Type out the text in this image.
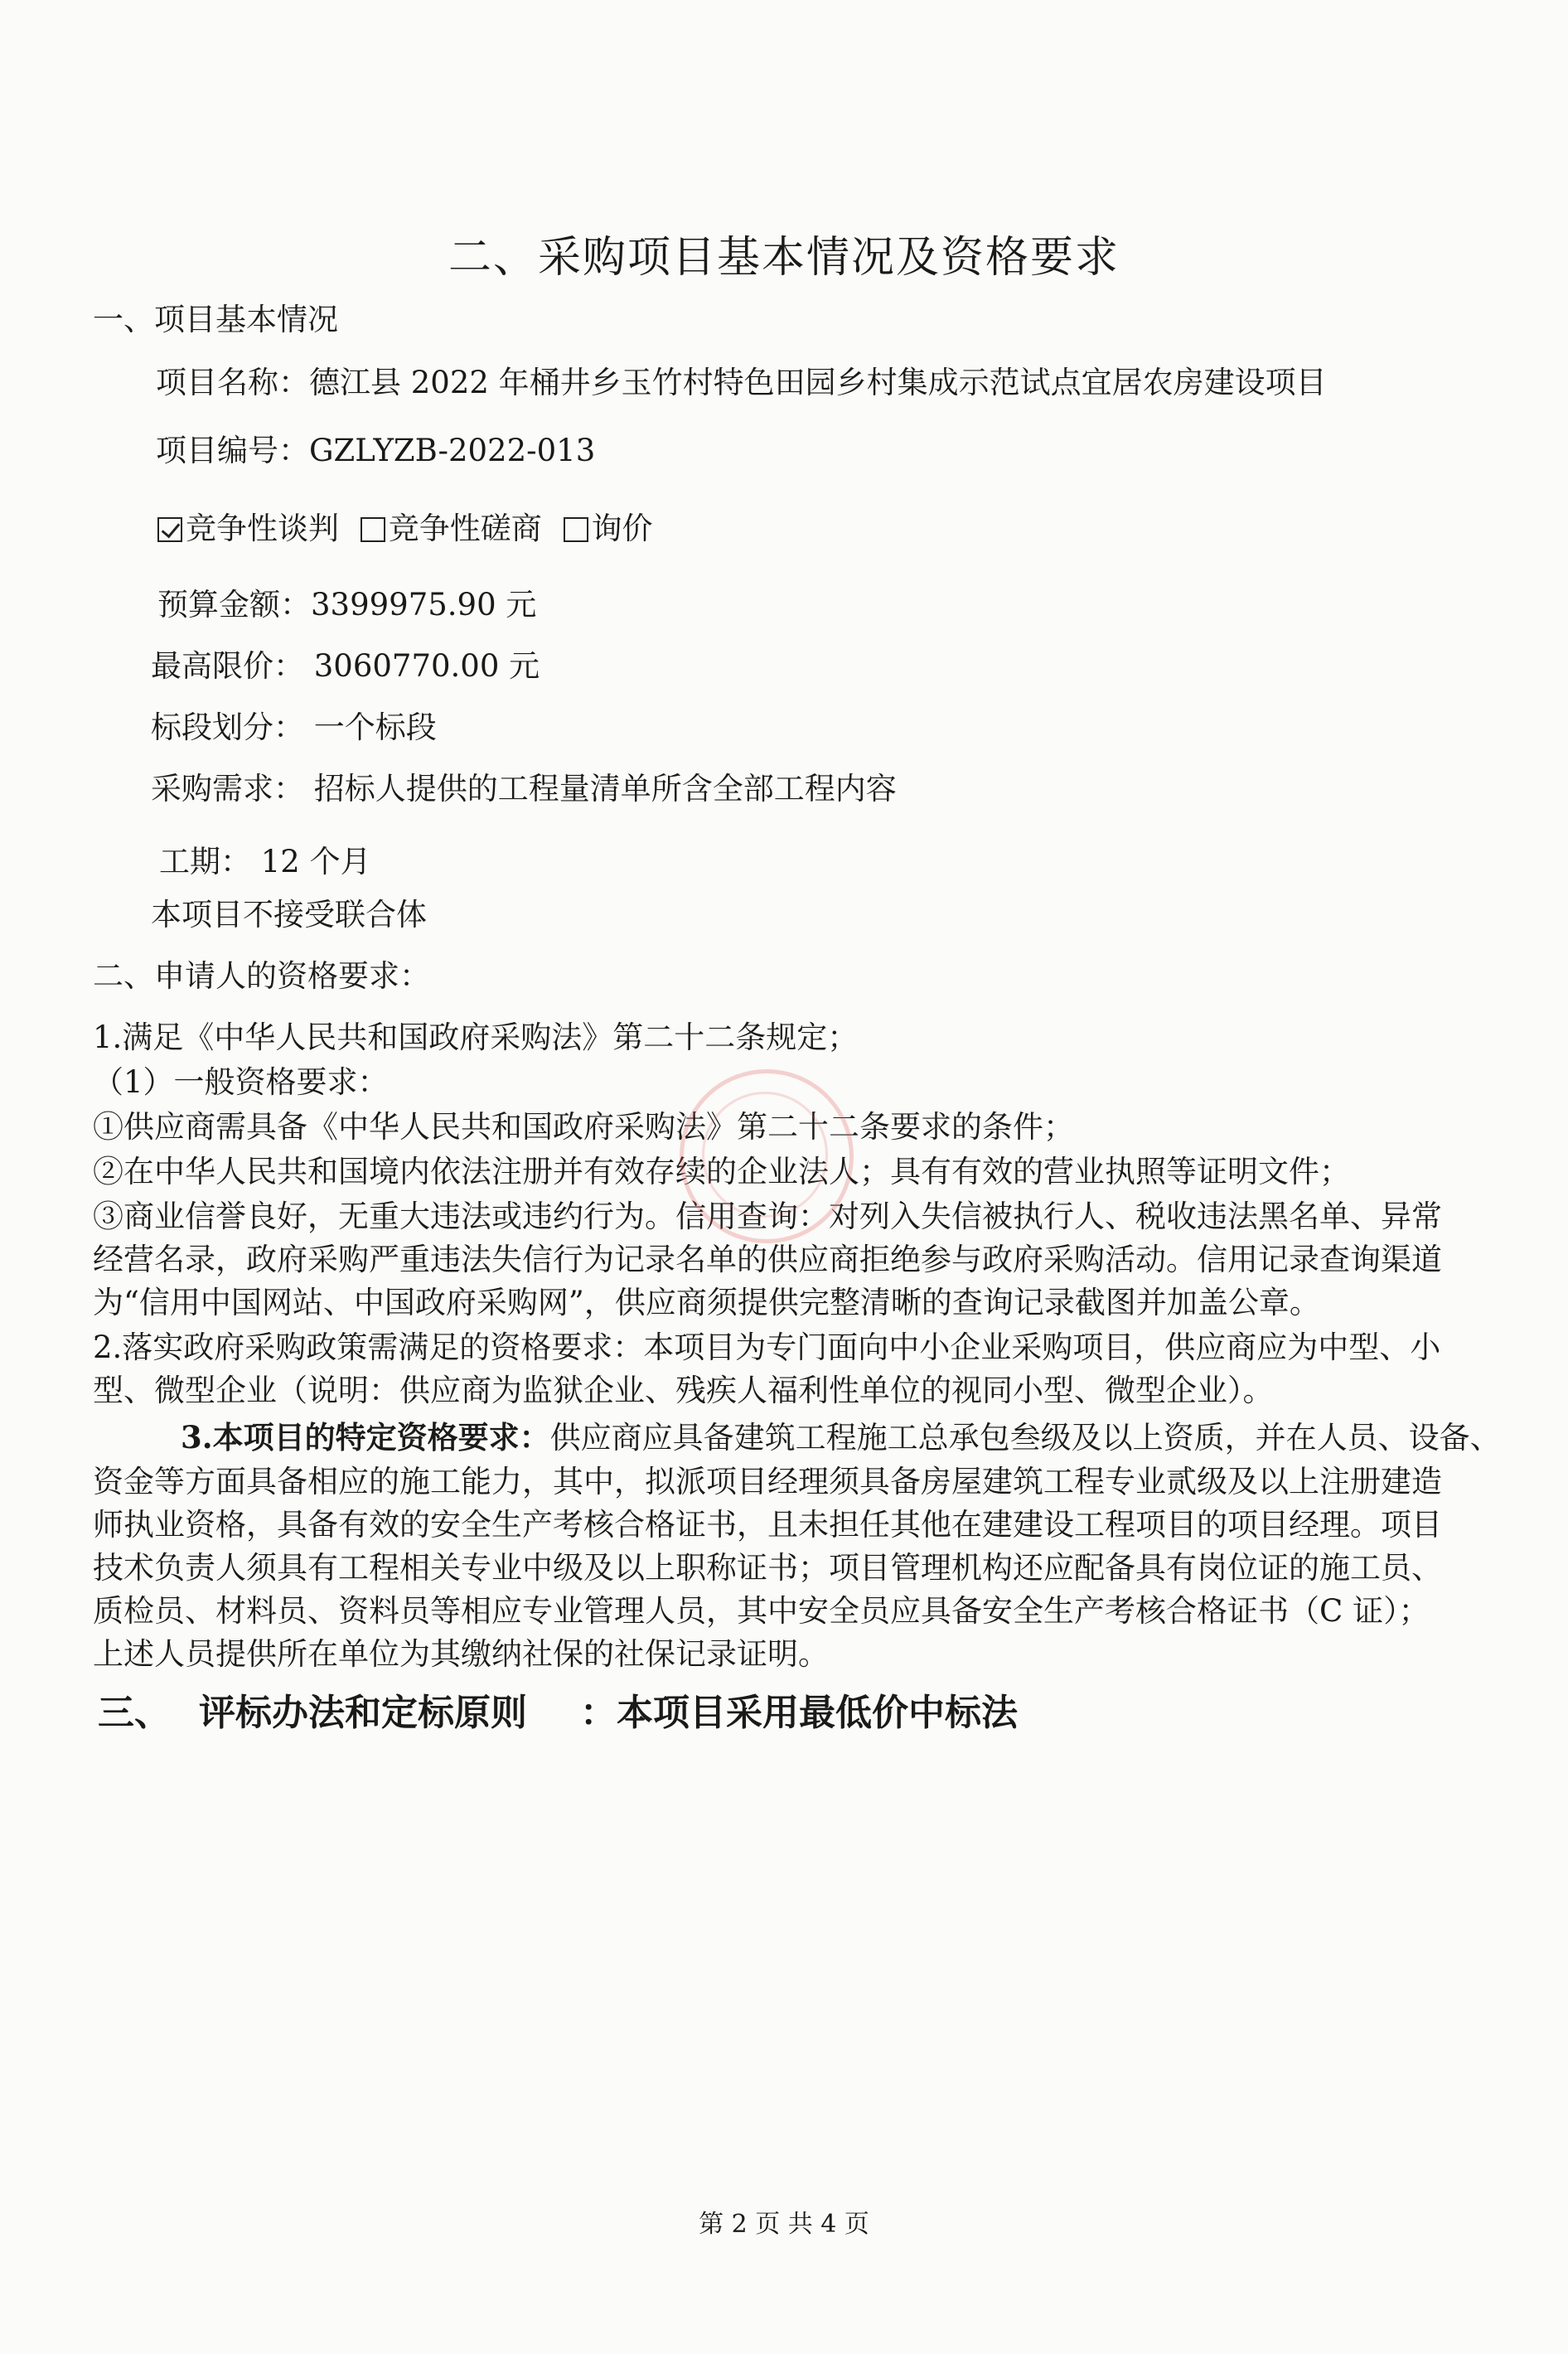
二、采购项目基本情况及资格要求
一、项目基本情况
项目名称：德江县 2022 年桶井乡玉竹村特色田园乡村集成示范试点宜居农房建设项目
项目编号：GZLYZB-2022-013
竞争性谈判 竞争性磋商 询价
预算金额：3399975.90 元
最高限价： 3060770.00 元
标段划分： 一个标段
采购需求： 招标人提供的工程量清单所含全部工程内容
工期： 12 个月
本项目不接受联合体
二、申请人的资格要求：
1.满足《中华人民共和国政府采购法》第二十二条规定；
（1）一般资格要求：
①供应商需具备《中华人民共和国政府采购法》第二十二条要求的条件；
②在中华人民共和国境内依法注册并有效存续的企业法人；具有有效的营业执照等证明文件；
③商业信誉良好，无重大违法或违约行为。信用查询：对列入失信被执行人、税收违法黑名单、异常
经营名录，政府采购严重违法失信行为记录名单的供应商拒绝参与政府采购活动。信用记录查询渠道
为“信用中国网站、中国政府采购网”，供应商须提供完整清晰的查询记录截图并加盖公章。
2.落实政府采购政策需满足的资格要求：本项目为专门面向中小企业采购项目，供应商应为中型、小
型、微型企业（说明：供应商为监狱企业、残疾人福利性单位的视同小型、微型企业）。
3.本项目的特定资格要求：供应商应具备建筑工程施工总承包叁级及以上资质，并在人员、设备、
资金等方面具备相应的施工能力，其中，拟派项目经理须具备房屋建筑工程专业贰级及以上注册建造
师执业资格，具备有效的安全生产考核合格证书，且未担任其他在建建设工程项目的项目经理。项目
技术负责人须具有工程相关专业中级及以上职称证书；项目管理机构还应配备具有岗位证的施工员、
质检员、材料员、资料员等相应专业管理人员，其中安全员应具备安全生产考核合格证书（C 证）；
上述人员提供所在单位为其缴纳社保的社保记录证明。
三、 评标办法和定标原则 ：本项目采用最低价中标法
第 2 页 共 4 页
